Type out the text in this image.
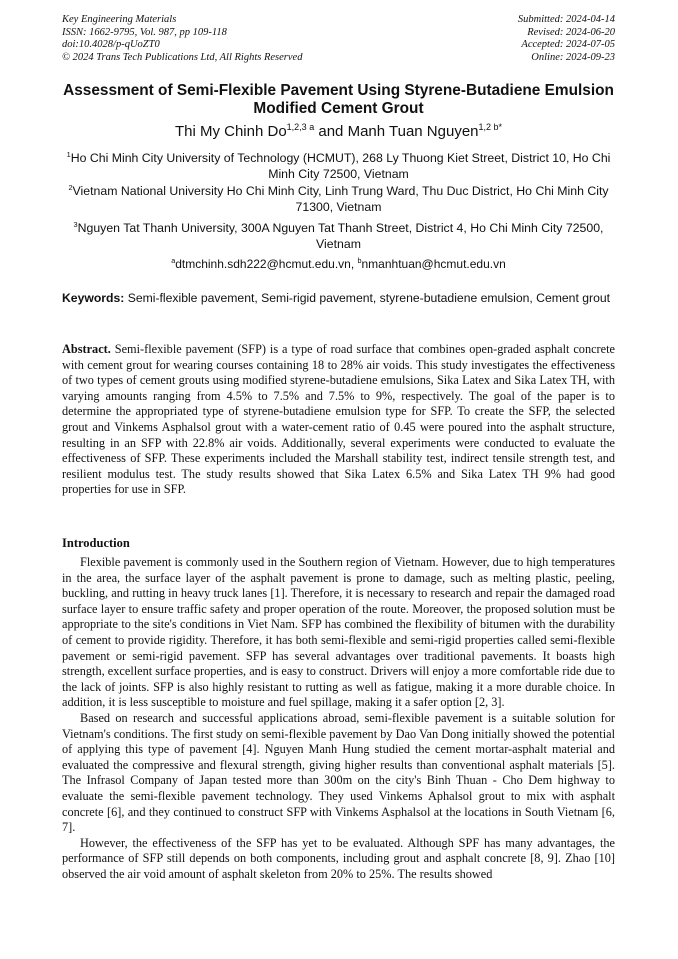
Key Engineering Materials
ISSN: 1662-9795, Vol. 987, pp 109-118
doi:10.4028/p-qUoZT0
© 2024 Trans Tech Publications Ltd, All Rights Reserved
Submitted: 2024-04-14
Revised: 2024-06-20
Accepted: 2024-07-05
Online: 2024-09-23
Assessment of Semi-Flexible Pavement Using Styrene-Butadiene Emulsion Modified Cement Grout
Thi My Chinh $Do^{1,2,3 a}$ and Manh Tuan Nguyen$^{1,2 b*}$
$^1$Ho Chi Minh City University of Technology (HCMUT), 268 Ly Thuong Kiet Street, District 10, Ho Chi Minh City 72500, Vietnam
$^2$Vietnam National University Ho Chi Minh City, Linh Trung Ward, Thu Duc District, Ho Chi Minh City 71300, Vietnam
$^3$Nguyen Tat Thanh University, 300A Nguyen Tat Thanh Street, District 4, Ho Chi Minh City 72500, Vietnam
$^a$dtmchinh.sdh222@hcmut.edu.vn, $^b$nmanhtuan@hcmut.edu.vn
Keywords: Semi-flexible pavement, Semi-rigid pavement, styrene-butadiene emulsion, Cement grout
Abstract. Semi-flexible pavement (SFP) is a type of road surface that combines open-graded asphalt concrete with cement grout for wearing courses containing 18 to 28% air voids. This study investigates the effectiveness of two types of cement grouts using modified styrene-butadiene emulsions, Sika Latex and Sika Latex TH, with varying amounts ranging from 4.5% to 7.5% and 7.5% to 9%, respectively. The goal of the paper is to determine the appropriated type of styrene-butadiene emulsion type for SFP. To create the SFP, the selected grout and Vinkems Asphalsol grout with a water-cement ratio of 0.45 were poured into the asphalt structure, resulting in an SFP with 22.8% air voids. Additionally, several experiments were conducted to evaluate the effectiveness of SFP. These experiments included the Marshall stability test, indirect tensile strength test, and resilient modulus test. The study results showed that Sika Latex 6.5% and Sika Latex TH 9% had good properties for use in SFP.
Introduction

Flexible pavement is commonly used in the Southern region of Vietnam. However, due to high temperatures in the area, the surface layer of the asphalt pavement is prone to damage, such as melting plastic, peeling, buckling, and rutting in heavy truck lanes [1]. Therefore, it is necessary to research and repair the damaged road surface layer to ensure traffic safety and proper operation of the route. Moreover, the proposed solution must be appropriate to the site's conditions in Viet Nam. SFP has combined the flexibility of bitumen with the durability of cement to provide rigidity. Therefore, it has both semi-flexible and semi-rigid properties called semi-flexible pavement or semi-rigid pavement. SFP has several advantages over traditional pavements. It boasts high strength, excellent surface properties, and is easy to construct. Drivers will enjoy a more comfortable ride due to the lack of joints. SFP is also highly resistant to rutting as well as fatigue, making it a more durable choice. In addition, it is less susceptible to moisture and fuel spillage, making it a safer option [2, 3].

Based on research and successful applications abroad, semi-flexible pavement is a suitable solution for Vietnam's conditions. The first study on semi-flexible pavement by Dao Van Dong initially showed the potential of applying this type of pavement [4]. Nguyen Manh Hung studied the cement mortar-asphalt material and evaluated the compressive and flexural strength, giving higher results than conventional asphalt materials [5]. The Infrasol Company of Japan tested more than 300m on the city's Binh Thuan - Cho Dem highway to evaluate the semi-flexible pavement technology. They used Vinkems Aphalsol grout to mix with asphalt concrete [6], and they continued to construct SFP with Vinkems Asphalsol at the locations in South Vietnam [6, 7].

However, the effectiveness of the SFP has yet to be evaluated. Although SPF has many advantages, the performance of SFP still depends on both components, including grout and asphalt concrete [8, 9]. Zhao [10] observed the air void amount of asphalt skeleton from 20% to 25%. The results showed
